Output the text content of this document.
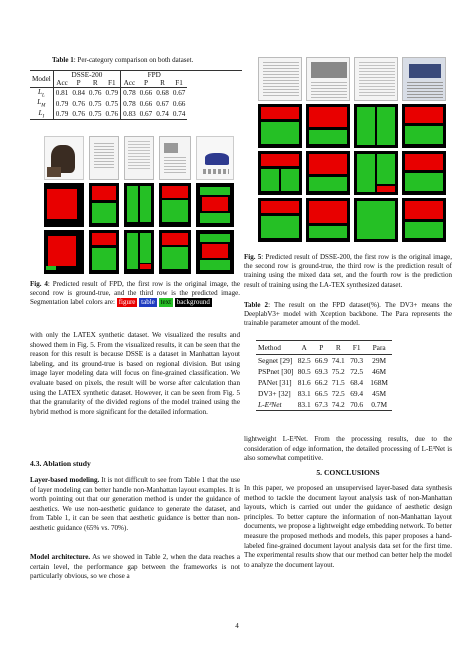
Table 1: Per-category comparison on both dataset.
Model	DSSE-200				FPD			
	Acc	P	R	F1	Acc	P	R	F1
$L_L$	0.81	0.84	0.76	0.79	0.78	0.66	0.68	0.67
$L_M$	0.79	0.76	0.75	0.75	0.78	0.66	0.67	0.66
$L_I$	0.79	0.76	0.75	0.76	0.83	0.67	0.74	0.74
Fig. 4: Predicted result of FPD, the first row is the original image, the second row is ground-true, and the third row is the predicted image. Segmentation label colors are: figure table text background
with only the LATEX synthetic dataset. We visualized the results and showed them in Fig. 5. From the visualized results, it can be seen that the reason for this result is because DSSE is a dataset in Manhattan layout labeling, and its ground-true is based on regional division. But using image layer modeling data will focus on fine-grained classification. We evaluate based on pixels, the result will be worse after calculation than using the LATEX synthetic dataset. However, it can be seen from Fig. 5 that the granularity of the divided regions of the model trained using the hybrid method is more significant for the detailed information.
4.3. Ablation study
Layer-based modeling. It is not difficult to see from Table 1 that the use of layer modeling can better handle non-Manhattan layout examples. It is worth pointing out that our generation method is under the guidance of aesthetics. We use non-aesthetic guidance to generate the dataset, and from Table 1, it can be seen that aesthetic guidance is better than non-aesthetic guidance (65% vs. 70%).
Model architecture. As we showed in Table 2, when the data reaches a certain level, the performance gap between the frameworks is not particularly obvious, so we chose a
Fig. 5: Predicted result of DSSE-200, the first row is the original image, the second row is ground-true, the third row is the prediction result of training using the mixed data set, and the fourth row is the prediction result of training using the LA-TEX synthesized dataset.
Table 2: The result on the FPD dataset(%). The DV3+ means the DeeplabV3+ model with Xception backbone. The Para represents the trainable parameter amount of the model.
Method	A	P	R	F1	Para
Segnet [29]	82.5	66.9	74.1	70.3	29M
PSPnet [30]	80.5	69.3	75.2	72.5	46M
PANet [31]	81.6	66.2	71.5	68.4	168M
DV3+ [32]	83.1	66.5	72.5	69.4	45M
L-E³Net	83.1	67.3	74.2	70.6	0.7M
lightweight L-E³Net. From the processing results, due to the consideration of edge information, the detailed processing of L-E³Net is also somewhat competitive.
5. CONCLUSIONS
In this paper, we proposed an unsupervised layer-based data synthesis method to tackle the document layout analysis task of non-Manhattan layouts, which is carried out under the guidance of aesthetic design principles. To better capture the information of non-Manhattan layout documents, we propose a lightweight edge embedding network. To better measure the proposed methods and models, this paper proposes a hand-labeled fine-grained document layout analysis data set for the first time. The experimental results show that our method can better help the model to analyze the document layout.
4
